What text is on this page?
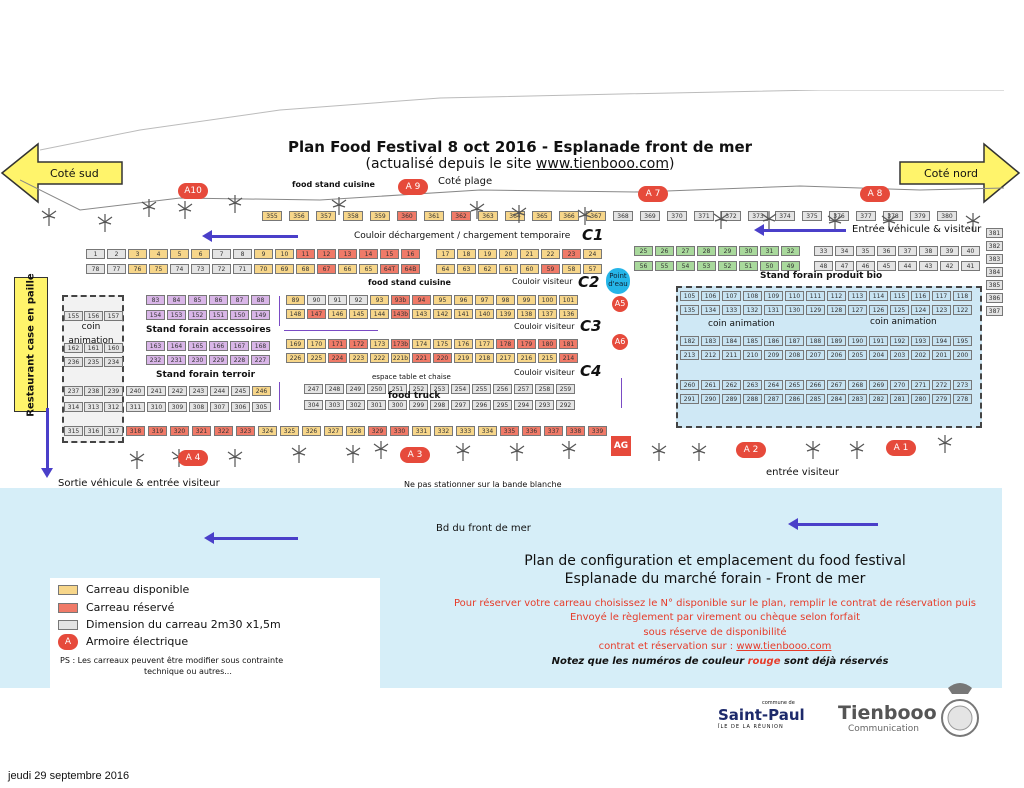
Plan Food Festival 8 oct 2016 - Esplanade front de mer
(actualisé depuis le site www.tienbooo.com)
Coté sud	Coté nord
Coté plage
Restaurant case en paille
355	356	357	358	359	360	361	362	363	364	365	366	367	368	369	370	371	372	373	374	375	376	377	378	379	380
1	2	3	4	5	6	7	8	9	10	11	12	13	14	15	16	17	18	19	20	21	22	23	24	25	26	27	28	29	30	31	32	33	34	35	36	37	38	39	40
78	77	76	75	74	73	72	71	70	69	68	67	66	65	64T	64B	64	63	62	61	60	59	58	57	56	55	54	53	52	51	50	49	48	47	46	45	44	43	42	41
83	84	85	86	87	88
154	153	152	151	150	149
163	164	165	166	167	168
232	231	230	229	228	227
89	90	91	92	93	93b	94	95	96	97	98	99	100	101
148	147	146	145	144	143b	143	142	141	140	139	138	137	136
169	170	171	172	173	173b	174	175	176	177	178	179	180	181
226	225	224	223	222	221b	221	220	219	218	217	216	215	214
247	248	249	250	251	252	253	254	255	256	257	258	259
304	303	302	301	300	299	298	297	296	295	294	293	292
240	241	242	243	244	245	246
311	310	309	308	307	306	305
318	319	320	321	322	323	324	325	326	327	328	329	330	331	332	333	334	335	336	337	338	339
105	106	107	108	109	110	111	112	113	114	115	116	117	118
135	134	133	132	131	130	129	128	127	126	125	124	123	122
182	183	184	185	186	187	188	189	190	191	192	193	194	195
213	212	211	210	209	208	207	206	205	204	203	202	201	200
260	261	262	263	264	265	266	267	268	269	270	271	272	273
291	290	289	288	287	286	285	284	283	282	281	280	279	278
155	156	157
162	161	160
236	235	234
237	238	239
314	313	312
315	316	317
381
382
383
384
385
386
387
A10	A 9
A 7	A 8
A5
A6
A 4	A 3	A 2	A 1
AG
Point d'eau
Couloir déchargement / chargement temporaire C1
Couloir visiteur C2
Couloir visiteur C3
Couloir visiteur C4
food stand cuisine
food stand cuisine
Stand forain produit bio
Stand forain accessoires
Stand forain terroir
food truck
espace table et chaise
coin animation
coin animation	coin animation
Entrée véhicule & visiteur
Sortie véhicule & entrée visiteur
entrée visiteur
Ne pas stationner sur la bande blanche
Bd du front de mer
Plan de configuration et emplacement du food festival
Esplanade du marché forain - Front de mer
Pour réserver votre carreau choisissez le N° disponible sur le plan, remplir le contrat de réservation puis
Envoyé le règlement par virement ou chèque selon forfait
sous réserve de disponibilité
contrat et réservation sur : www.tienbooo.com
Notez que les numéros de couleur rouge sont déjà réservés
Carreau disponible
Carreau réservé
Dimension du carreau 2m30 x1,5m
A	Armoire électrique
PS : Les carreaux peuvent être modifier sous contrainte
technique ou autres...
commune de
Saint-Paul
ÎLE DE LA RÉUNION
Tienbooo
Communication
jeudi 29 septembre 2016
